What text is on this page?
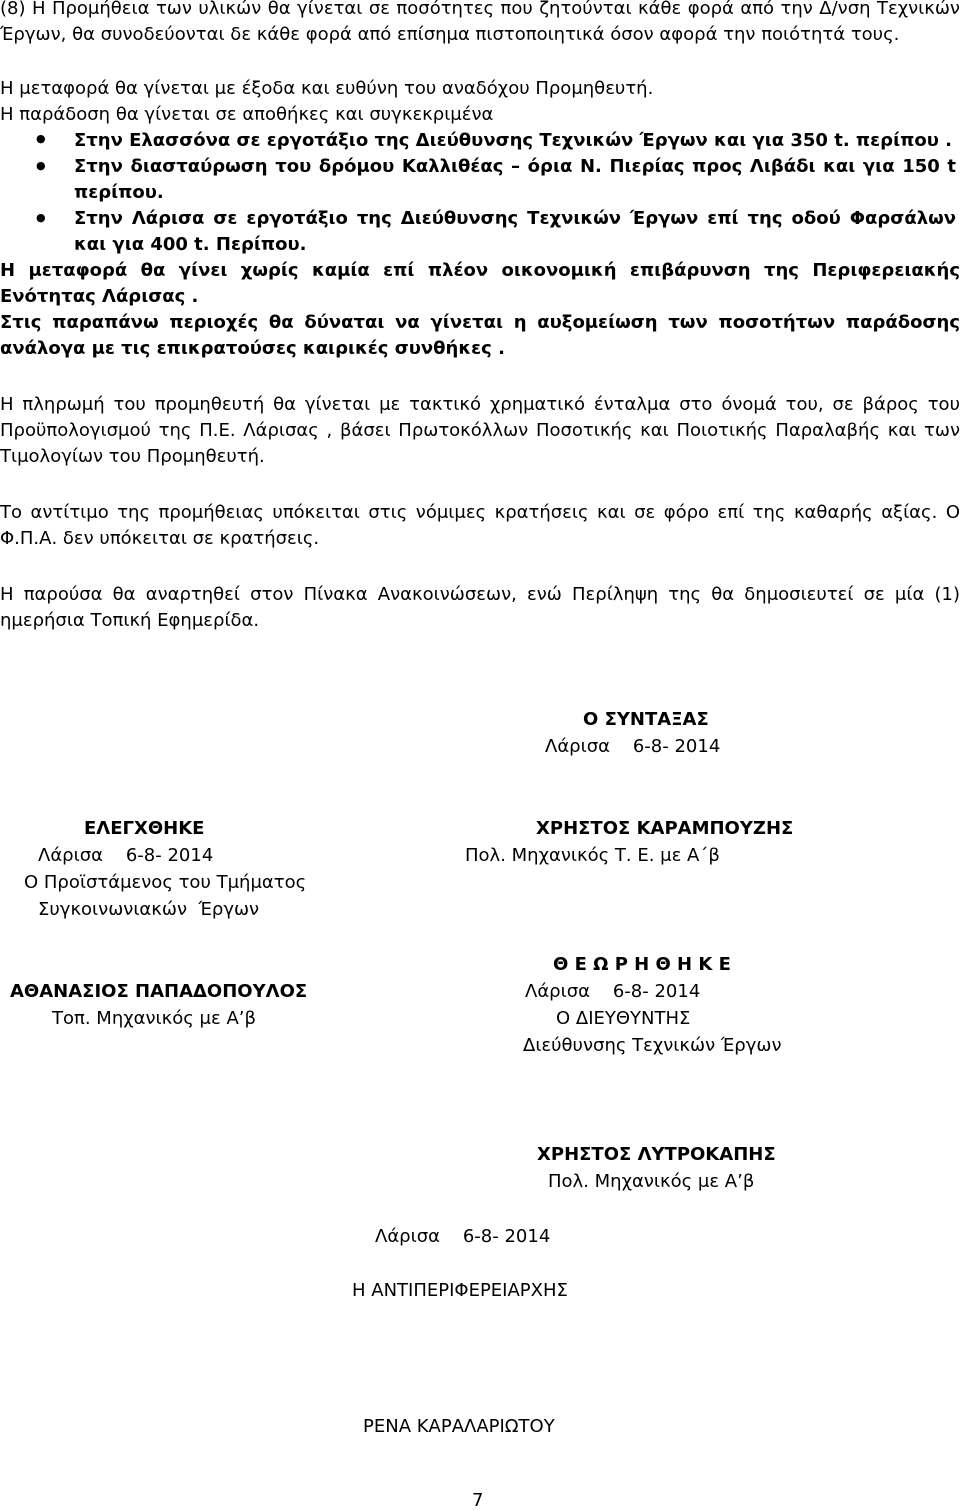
(8) Η Προμήθεια των υλικών θα γίνεται σε ποσότητες που ζητούνται κάθε φορά από την Δ/νση Τεχνικών Έργων, θα συνοδεύονται δε κάθε φορά από επίσημα πιστοποιητικά όσον αφορά την ποιότητά τους.
Η μεταφορά θα γίνεται με έξοδα και ευθύνη του αναδόχου Προμηθευτή.
Η παράδοση θα γίνεται σε αποθήκες και συγκεκριμένα
● Στην Ελασσόνα σε εργοτάξιο της Διεύθυνσης Τεχνικών Έργων και για 350 t. περίπου .
● Στην διασταύρωση του δρόμου Καλλιθέας – όρια Ν. Πιερίας προς Λιβάδι και για 150 t περίπου.
● Στην Λάρισα σε εργοτάξιο της Διεύθυνσης Τεχνικών Έργων επί της οδού Φαρσάλων και για 400 t. Περίπου.
Η μεταφορά θα γίνει χωρίς καμία επί πλέον οικονομική επιβάρυνση της Περιφερειακής Ενότητας Λάρισας .
Στις παραπάνω περιοχές θα δύναται να γίνεται η αυξομείωση των ποσοτήτων παράδοσης ανάλογα με τις επικρατούσες καιρικές συνθήκες .
Η πληρωμή του προμηθευτή θα γίνεται με τακτικό χρηματικό ένταλμα στο όνομά του, σε βάρος του Προϋπολογισμού της Π.Ε. Λάρισας , βάσει Πρωτοκόλλων Ποσοτικής και Ποιοτικής Παραλαβής και των Τιμολογίων του Προμηθευτή.
Το αντίτιμο της προμήθειας υπόκειται στις νόμιμες κρατήσεις και σε φόρο επί της καθαρής αξίας. Ο Φ.Π.Α. δεν υπόκειται σε κρατήσεις.
Η παρούσα θα αναρτηθεί στον Πίνακα Ανακοινώσεων, ενώ Περίληψη της θα δημοσιευτεί σε μία (1) ημερήσια Τοπική Εφημερίδα.
Ο ΣΥΝΤΑΞΑΣ
Λάρισα    6-8- 2014
ΕΛΕΓΧΘΗΚΕ
Λάρισα    6-8- 2014
Ο Προϊστάμενος του Τμήματος
Συγκοινωνιακών  Έργων
ΑΘΑΝΑΣΙΟΣ ΠΑΠΑΔΟΠΟΥΛΟΣ
Τοπ. Μηχανικός με Α’β
ΧΡΗΣΤΟΣ ΚΑΡΑΜΠΟΥΖΗΣ
Πολ. Μηχανικός Τ. Ε. με Α΄β
Θ Ε Ω Ρ Η Θ Η Κ Ε
Λάρισα    6-8- 2014
Ο ΔΙΕΥΘΥΝΤΗΣ
Διεύθυνσης Τεχνικών Έργων
ΧΡΗΣΤΟΣ ΛΥΤΡΟΚΑΠΗΣ
Πολ. Μηχανικός με Α’β
Λάρισα    6-8- 2014
Η ΑΝΤΙΠΕΡΙΦΕΡΕΙΑΡΧΗΣ
ΡΕΝΑ ΚΑΡΑΛΑΡΙΩΤΟΥ
7
